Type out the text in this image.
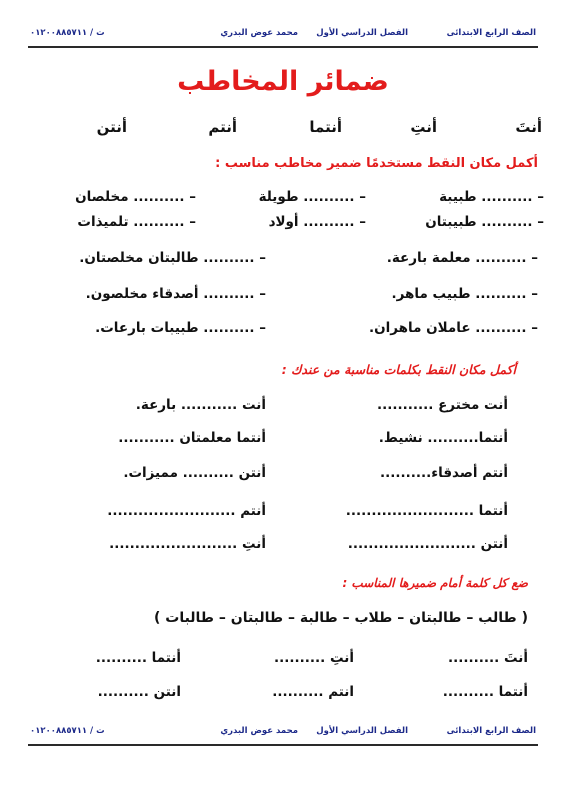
الصف الرابع الابتدائى
الفصل الدراسي الأول
محمد عوض البدري
ت / ٠١٢٠٠٨٨٥٧١١
ضمائر المخاطب
أنتَ
أنتِ
أنتما
أنتم
أنتن
أكمل مكان النقط مستخدمًا ضمير مخاطب مناسب :
– .......... طبيبة
– .......... طويلة
– .......... مخلصان
– .......... طبيبتان
– .......... أولاد
– .......... تلميذات
– .......... معلمة بارعة.
– .......... طالبتان مخلصتان.
– .......... طبيب ماهر.
– .......... أصدقاء مخلصون.
– .......... عاملان ماهران.
– .......... طبيبات بارعات.
أكمل مكان النقط بكلمات مناسبة من عندك :
أنت مخترع ...........
أنت ........... بارعة.
أنتما.......... نشيط.
أنتما معلمتان ...........
أنتم أصدقاء..........
أنتن .......... مميزات.
أنتما .........................
أنتم .........................
أنتن .........................
أنتِ .........................
ضع كل كلمة أمام ضميرها المناسب :
( طالب – طالبتان – طلاب – طالبة – طالبتان – طالبات )
أنتَ ..........
أنتِ ..........
أنتما ..........
أنتما ..........
انتم ..........
انتن ..........
الصف الرابع الابتدائى
الفصل الدراسي الأول
محمد عوض البدري
ت / ٠١٢٠٠٨٨٥٧١١
